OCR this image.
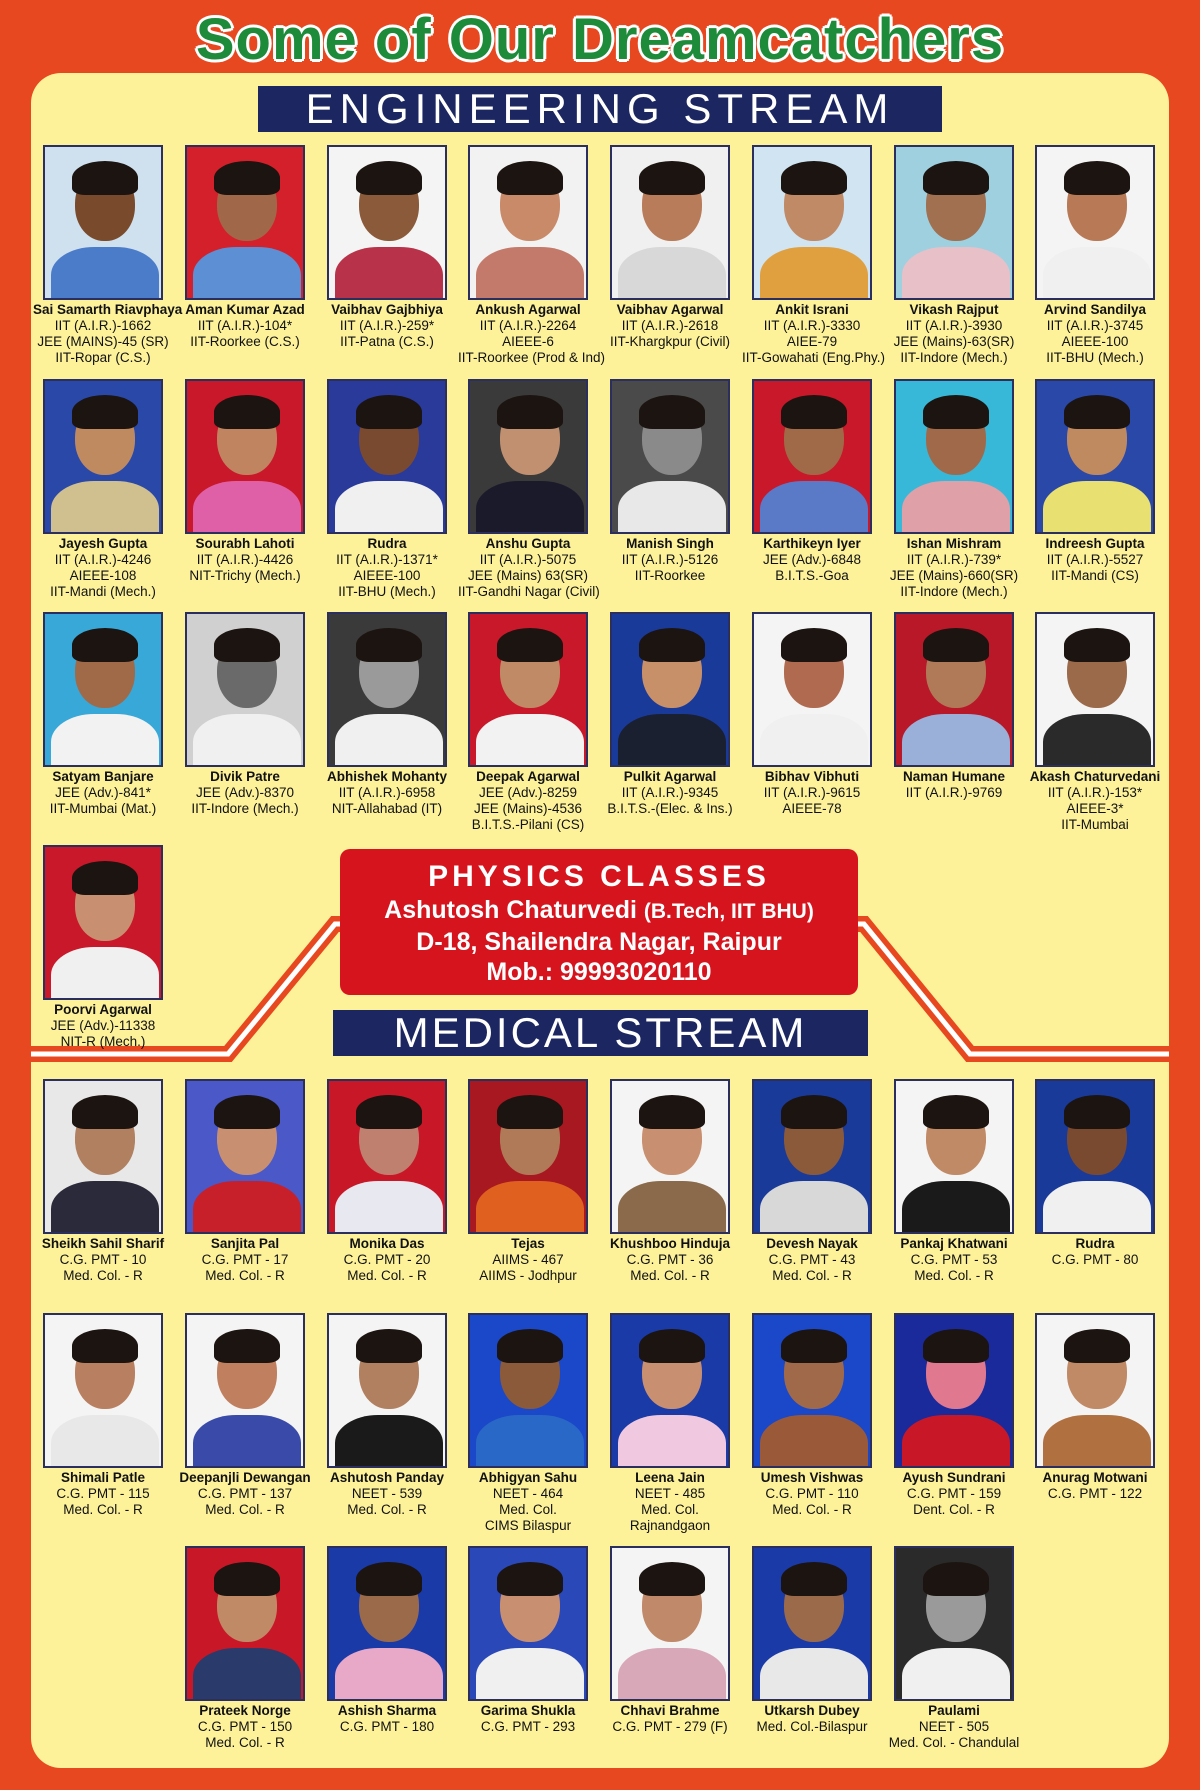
Some of Our Dreamcatchers
ENGINEERING STREAM
Sai Samarth Riavphaya
IIT (A.I.R.)-1662
JEE (MAINS)-45 (SR)
IIT-Ropar (C.S.)
Aman Kumar Azad
IIT (A.I.R.)-104*
IIT-Roorkee (C.S.)
Vaibhav Gajbhiya
IIT (A.I.R.)-259*
IIT-Patna (C.S.)
Ankush Agarwal
IIT (A.I.R.)-2264
AIEEE-6
IIT-Roorkee (Prod & Ind)
Vaibhav Agarwal
IIT (A.I.R.)-2618
IIT-Khargkpur (Civil)
Ankit Israni
IIT (A.I.R.)-3330
AIEE-79
IIT-Gowahati (Eng.Phy.)
Vikash Rajput
IIT (A.I.R.)-3930
JEE (Mains)-63(SR)
IIT-Indore (Mech.)
Arvind Sandilya
IIT (A.I.R.)-3745
AIEEE-100
IIT-BHU (Mech.)
Jayesh Gupta
IIT (A.I.R.)-4246
AIEEE-108
IIT-Mandi (Mech.)
Sourabh Lahoti
IIT (A.I.R.)-4426
NIT-Trichy (Mech.)
Rudra
IIT (A.I.R.)-1371*
AIEEE-100
IIT-BHU (Mech.)
Anshu Gupta
IIT (A.I.R.)-5075
JEE (Mains) 63(SR)
IIT-Gandhi Nagar (Civil)
Manish Singh
IIT (A.I.R.)-5126
IIT-Roorkee
Karthikeyn Iyer
JEE (Adv.)-6848
B.I.T.S.-Goa
Ishan Mishram
IIT (A.I.R.)-739*
JEE (Mains)-660(SR)
IIT-Indore (Mech.)
Indreesh Gupta
IIT (A.I.R.)-5527
IIT-Mandi (CS)
Satyam Banjare
JEE (Adv.)-841*
IIT-Mumbai (Mat.)
Divik Patre
JEE (Adv.)-8370
IIT-Indore (Mech.)
Abhishek Mohanty
IIT (A.I.R.)-6958
NIT-Allahabad (IT)
Deepak Agarwal
JEE (Adv.)-8259
JEE (Mains)-4536
B.I.T.S.-Pilani (CS)
Pulkit Agarwal
IIT (A.I.R.)-9345
B.I.T.S.-(Elec. & Ins.)
Bibhav Vibhuti
IIT (A.I.R.)-9615
AIEEE-78
Naman Humane
IIT (A.I.R.)-9769
Akash Chaturvedani
IIT (A.I.R.)-153*
AIEEE-3*
IIT-Mumbai
Poorvi Agarwal
JEE (Adv.)-11338
NIT-R (Mech.)
PHYSICS CLASSES
Ashutosh Chaturvedi (B.Tech, IIT BHU)
D-18, Shailendra Nagar, Raipur
Mob.: 99993020110
MEDICAL STREAM
Sheikh Sahil Sharif
C.G. PMT - 10
Med. Col. - R
Sanjita Pal
C.G. PMT - 17
Med. Col. - R
Monika Das
C.G. PMT - 20
Med. Col. - R
Tejas
AIIMS - 467
AIIMS - Jodhpur
Khushboo Hinduja
C.G. PMT - 36
Med. Col. - R
Devesh Nayak
C.G. PMT - 43
Med. Col. - R
Pankaj Khatwani
C.G. PMT - 53
Med. Col. - R
Rudra
C.G. PMT - 80
Shimali Patle
C.G. PMT - 115
Med. Col. - R
Deepanjli Dewangan
C.G. PMT - 137
Med. Col. - R
Ashutosh Panday
NEET - 539
Med. Col. - R
Abhigyan Sahu
NEET - 464
Med. Col.
CIMS Bilaspur
Leena Jain
NEET - 485
Med. Col.
Rajnandgaon
Umesh Vishwas
C.G. PMT - 110
Med. Col. - R
Ayush Sundrani
C.G. PMT - 159
Dent. Col. - R
Anurag Motwani
C.G. PMT - 122
Prateek Norge
C.G. PMT - 150
Med. Col. - R
Ashish Sharma
C.G. PMT - 180
Garima Shukla
C.G. PMT - 293
Chhavi Brahme
C.G. PMT - 279 (F)
Utkarsh Dubey
Med. Col.-Bilaspur
Paulami
NEET - 505
Med. Col. - Chandulal
